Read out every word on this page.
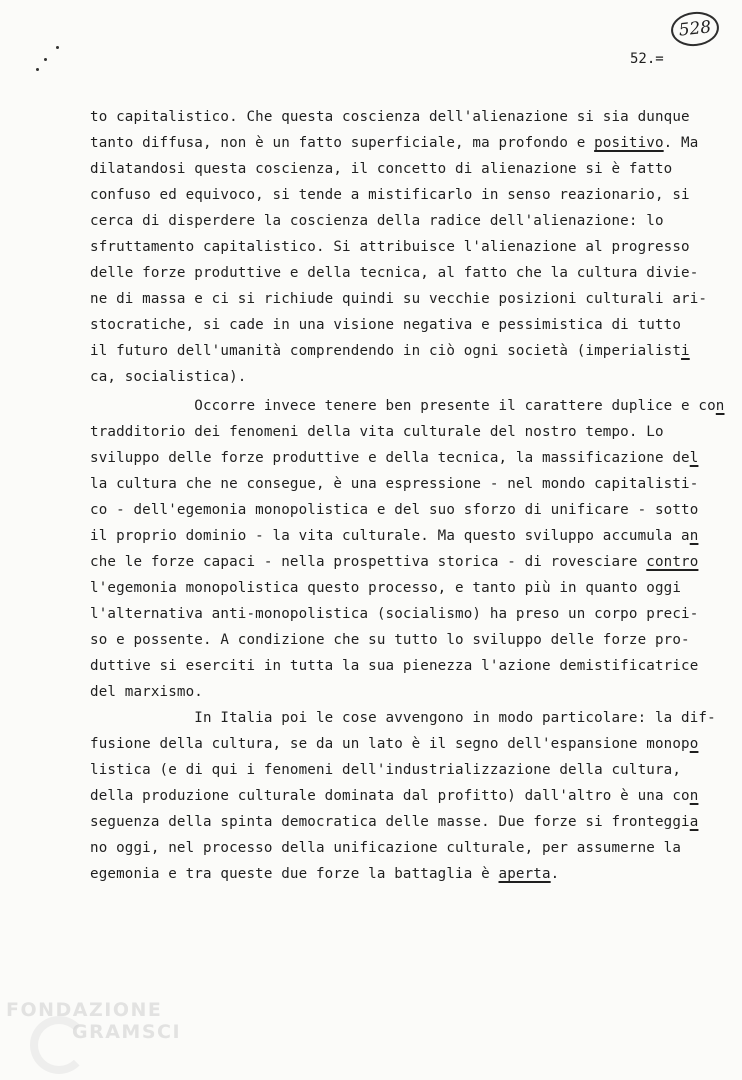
528
52.=
to capitalistico. Che questa coscienza dell'alienazione si sia dunque
tanto diffusa, non è un fatto superficiale, ma profondo e positivo. Ma
dilatandosi questa coscienza, il concetto di alienazione si è fatto
confuso ed equivoco, si tende a mistificarlo in senso reazionario, si
cerca di disperdere la coscienza della radice dell'alienazione: lo
sfruttamento capitalistico. Si attribuisce l'alienazione al progresso
delle forze produttive e della tecnica, al fatto che la cultura divie-
ne di massa e ci si richiude quindi su vecchie posizioni culturali ari-
stocratiche, si cade in una visione negativa e pessimistica di tutto
il futuro dell'umanità comprendendo in ciò ogni società (imperialisti
ca, socialistica).
Occorre invece tenere ben presente il carattere duplice e con
tradditorio dei fenomeni della vita culturale del nostro tempo. Lo
sviluppo delle forze produttive e della tecnica, la massificazione del
la cultura che ne consegue, è una espressione - nel mondo capitalisti-
co - dell'egemonia monopolistica e del suo sforzo di unificare - sotto
il proprio dominio - la vita culturale. Ma questo sviluppo accumula an
che le forze capaci - nella prospettiva storica - di rovesciare contro
l'egemonia monopolistica questo processo, e tanto più in quanto oggi
l'alternativa anti-monopolistica (socialismo) ha preso un corpo preci-
so e possente. A condizione che su tutto lo sviluppo delle forze pro-
duttive si eserciti in tutta la sua pienezza l'azione demistificatrice
del marxismo.
In Italia poi le cose avvengono in modo particolare: la dif-
fusione della cultura, se da un lato è il segno dell'espansione monopo
listica (e di qui i fenomeni dell'industrializzazione della cultura,
della produzione culturale dominata dal profitto) dall'altro è una con
seguenza della spinta democratica delle masse. Due forze si fronteggia
no oggi, nel processo della unificazione culturale, per assumerne la
egemonia e tra queste due forze la battaglia è aperta.
FONDAZIONE
GRAMSCI
